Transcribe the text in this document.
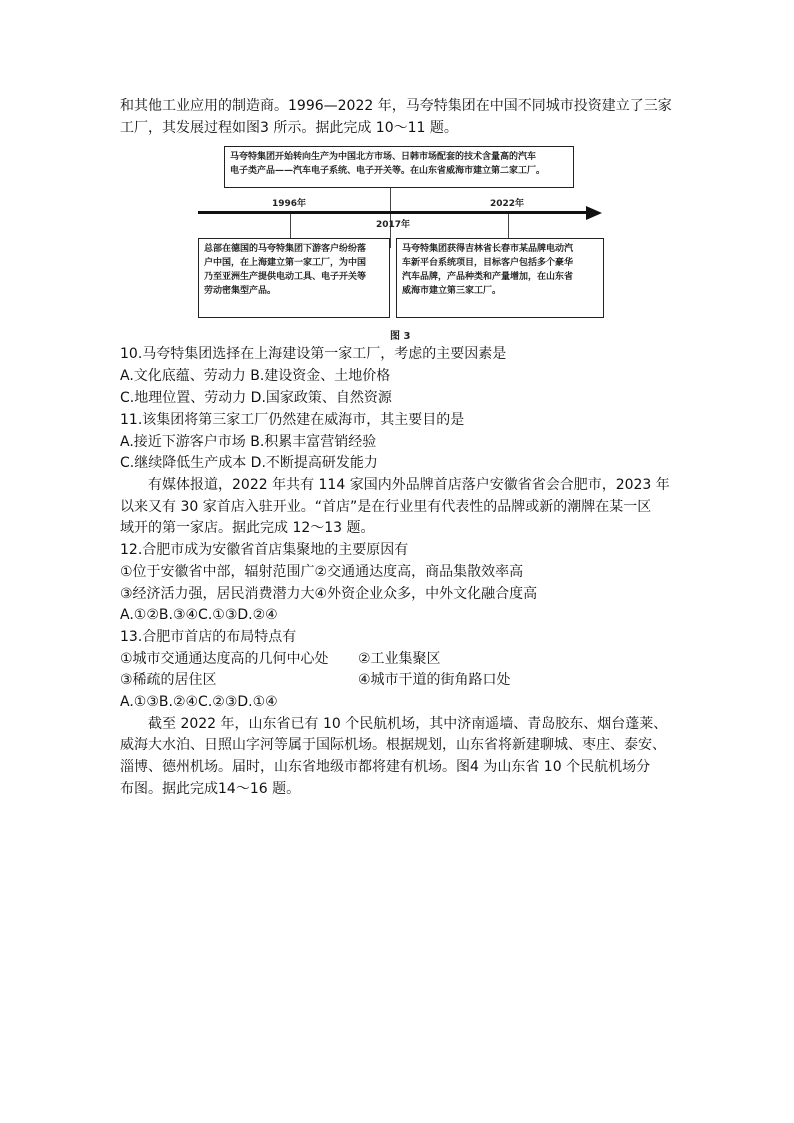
和其他工业应用的制造商。1996—2022 年，马夸特集团在中国不同城市投资建立了三家
工厂，其发展过程如图3 所示。据此完成 10～11 题。
马夸特集团开始转向生产为中国北方市场、日韩市场配套的技术含量高的汽车
电子类产品——汽车电子系统、电子开关等。在山东省威海市建立第二家工厂。
1996年	2022年
2017年
总部在德国的马夸特集团下游客户纷纷落
户中国，在上海建立第一家工厂，为中国
乃至亚洲生产提供电动工具、电子开关等
劳动密集型产品。
马夸特集团获得吉林省长春市某品牌电动汽
车新平台系统项目，目标客户包括多个豪华
汽车品牌，产品种类和产量增加，在山东省
威海市建立第三家工厂。
图 3
10.马夸特集团选择在上海建设第一家工厂，考虑的主要因素是
A.文化底蕴、劳动力 B.建设资金、土地价格
C.地理位置、劳动力 D.国家政策、自然资源
11.该集团将第三家工厂仍然建在威海市，其主要目的是
A.接近下游客户市场 B.积累丰富营销经验
C.继续降低生产成本 D.不断提高研发能力
有媒体报道，2022 年共有 114 家国内外品牌首店落户安徽省省会合肥市，2023 年
以来又有 30 家首店入驻开业。“首店”是在行业里有代表性的品牌或新的潮牌在某一区
域开的第一家店。据此完成 12～13 题。
12.合肥市成为安徽省首店集聚地的主要原因有
①位于安徽省中部，辐射范围广②交通通达度高，商品集散效率高
③经济活力强，居民消费潜力大④外资企业众多，中外文化融合度高
A.①②B.③④C.①③D.②④
13.合肥市首店的布局特点有
①城市交通通达度高的几何中心处 ②工业集聚区
③稀疏的居住区	④城市干道的街角路口处
A.①③B.②④C.②③D.①④
截至 2022 年，山东省已有 10 个民航机场，其中济南遥墙、青岛胶东、烟台蓬莱、
威海大水泊、日照山字河等属于国际机场。根据规划，山东省将新建聊城、枣庄、泰安、
淄博、德州机场。届时，山东省地级市都将建有机场。图4 为山东省 10 个民航机场分
布图。据此完成14～16 题。
